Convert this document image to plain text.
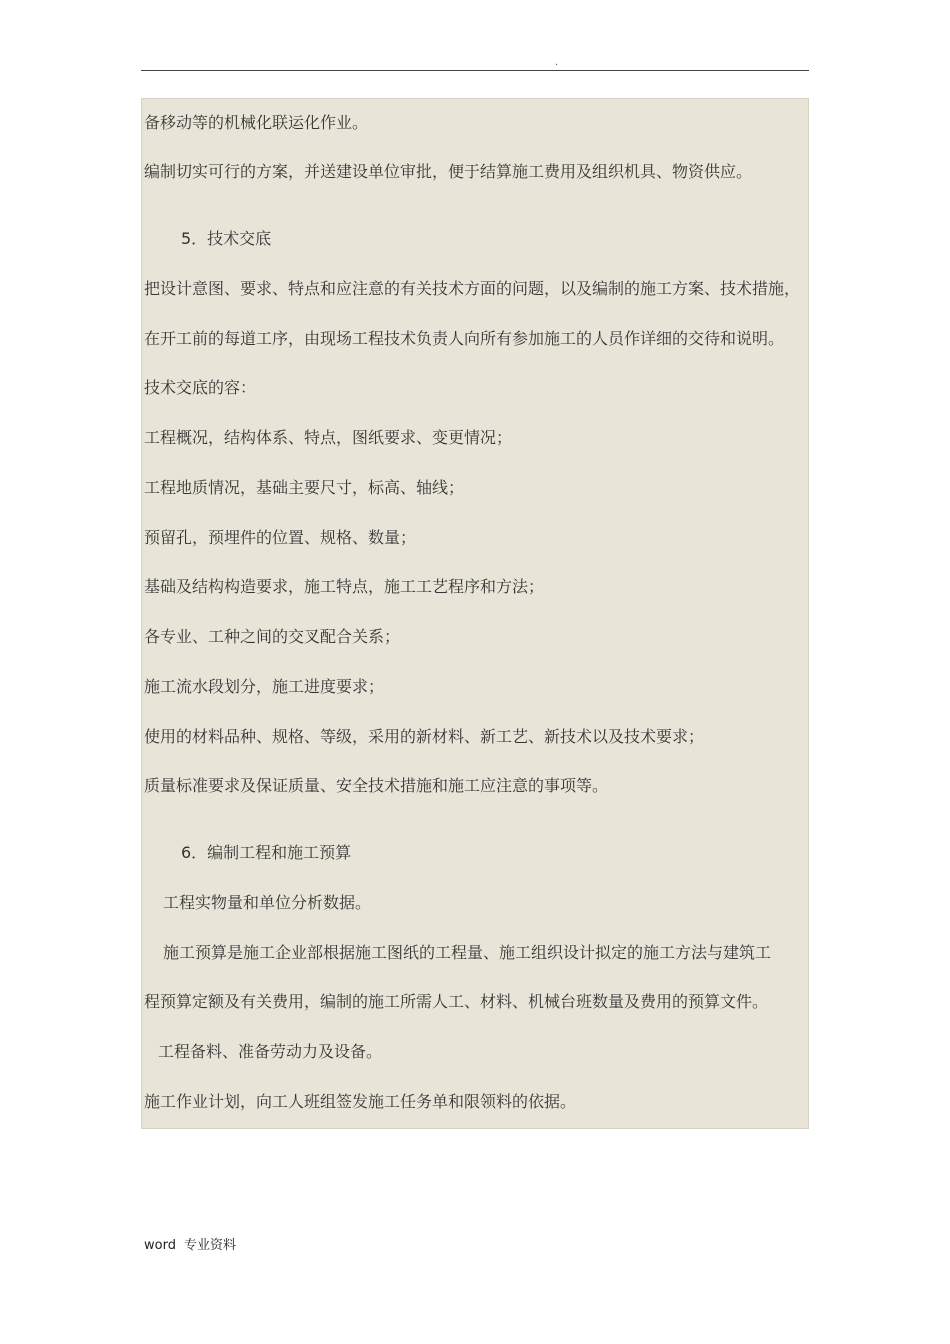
.
备移动等的机械化联运化作业。
编制切实可行的方案，并送建设单位审批，便于结算施工费用及组织机具、物资供应。
5．技术交底
把设计意图、要求、特点和应注意的有关技术方面的问题，以及编制的施工方案、技术措施，
在开工前的每道工序，由现场工程技术负责人向所有参加施工的人员作详细的交待和说明。
技术交底的容：
工程概况，结构体系、特点，图纸要求、变更情况；
工程地质情况，基础主要尺寸，标高、轴线；
预留孔，预埋件的位置、规格、数量；
基础及结构构造要求，施工特点，施工工艺程序和方法；
各专业、工种之间的交叉配合关系；
施工流水段划分，施工进度要求；
使用的材料品种、规格、等级，采用的新材料、新工艺、新技术以及技术要求；
质量标准要求及保证质量、安全技术措施和施工应注意的事项等。
6．编制工程和施工预算
工程实物量和单位分析数据。
施工预算是施工企业部根据施工图纸的工程量、施工组织设计拟定的施工方法与建筑工
程预算定额及有关费用，编制的施工所需人工、材料、机械台班数量及费用的预算文件。
工程备料、准备劳动力及设备。
施工作业计划，向工人班组签发施工任务单和限领料的依据。
word 专业资料
